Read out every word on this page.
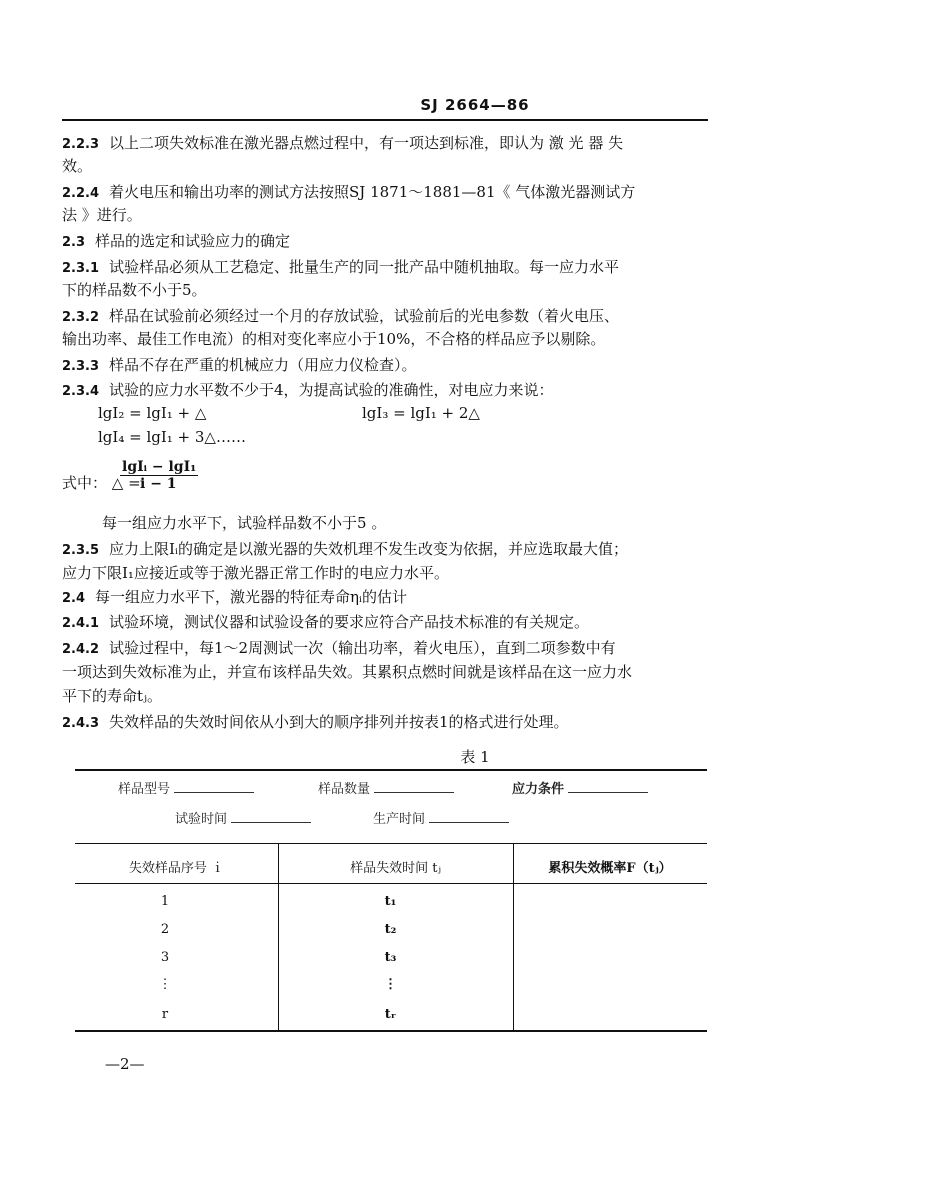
SJ 2664—86
2.2.3 以上二项失效标准在激光器点燃过程中，有一项达到标准，即认为 激 光 器 失
效。
2.2.4 着火电压和输出功率的测试方法按照SJ 1871～1881—81《 气体激光器测试方
法 》进行。
2.3 样品的选定和试验应力的确定
2.3.1 试验样品必须从工艺稳定、批量生产的同一批产品中随机抽取。每一应力水平
下的样品数不小于5。
2.3.2 样品在试验前必须经过一个月的存放试验，试验前后的光电参数（着火电压、
输出功率、最佳工作电流）的相对变化率应小于10%，不合格的样品应予以剔除。
2.3.3 样品不存在严重的机械应力（用应力仪检查）。
2.3.4 试验的应力水平数不少于4，为提高试验的准确性，对电应力来说：
lgI₂ = lgI₁ + △	lgI₃ = lgI₁ + 2△
lgI₄ = lgI₁ + 3△……
式中： △ =
$\frac{\text{lgIᵢ − lgI₁}}{i - 1}$
每一组应力水平下，试验样品数不小于5 。
2.3.5 应力上限Iᵢ的确定是以激光器的失效机理不发生改变为依据，并应选取最大值；
应力下限I₁应接近或等于激光器正常工作时的电应力水平。
2.4 每一组应力水平下，激光器的特征寿命ηᵢ的估计
2.4.1 试验环境，测试仪器和试验设备的要求应符合产品技术标准的有关规定。
2.4.2 试验过程中，每1～2周测试一次（输出功率，着火电压），直到二项参数中有
一项达到失效标准为止，并宣布该样品失效。其累积点燃时间就是该样品在这一应力水
平下的寿命tⱼ。
2.4.3 失效样品的失效时间依从小到大的顺序排列并按表1的格式进行处理。
表 1
样品型号	样品数量	应力条件
试验时间	生产时间
失效样品序号 ｉ	样品失效时间 tⱼ	累积失效概率F（tⱼ）
1	t₁
2	t₂
3	t₃
⋮	⋮
r	tᵣ
—2—
